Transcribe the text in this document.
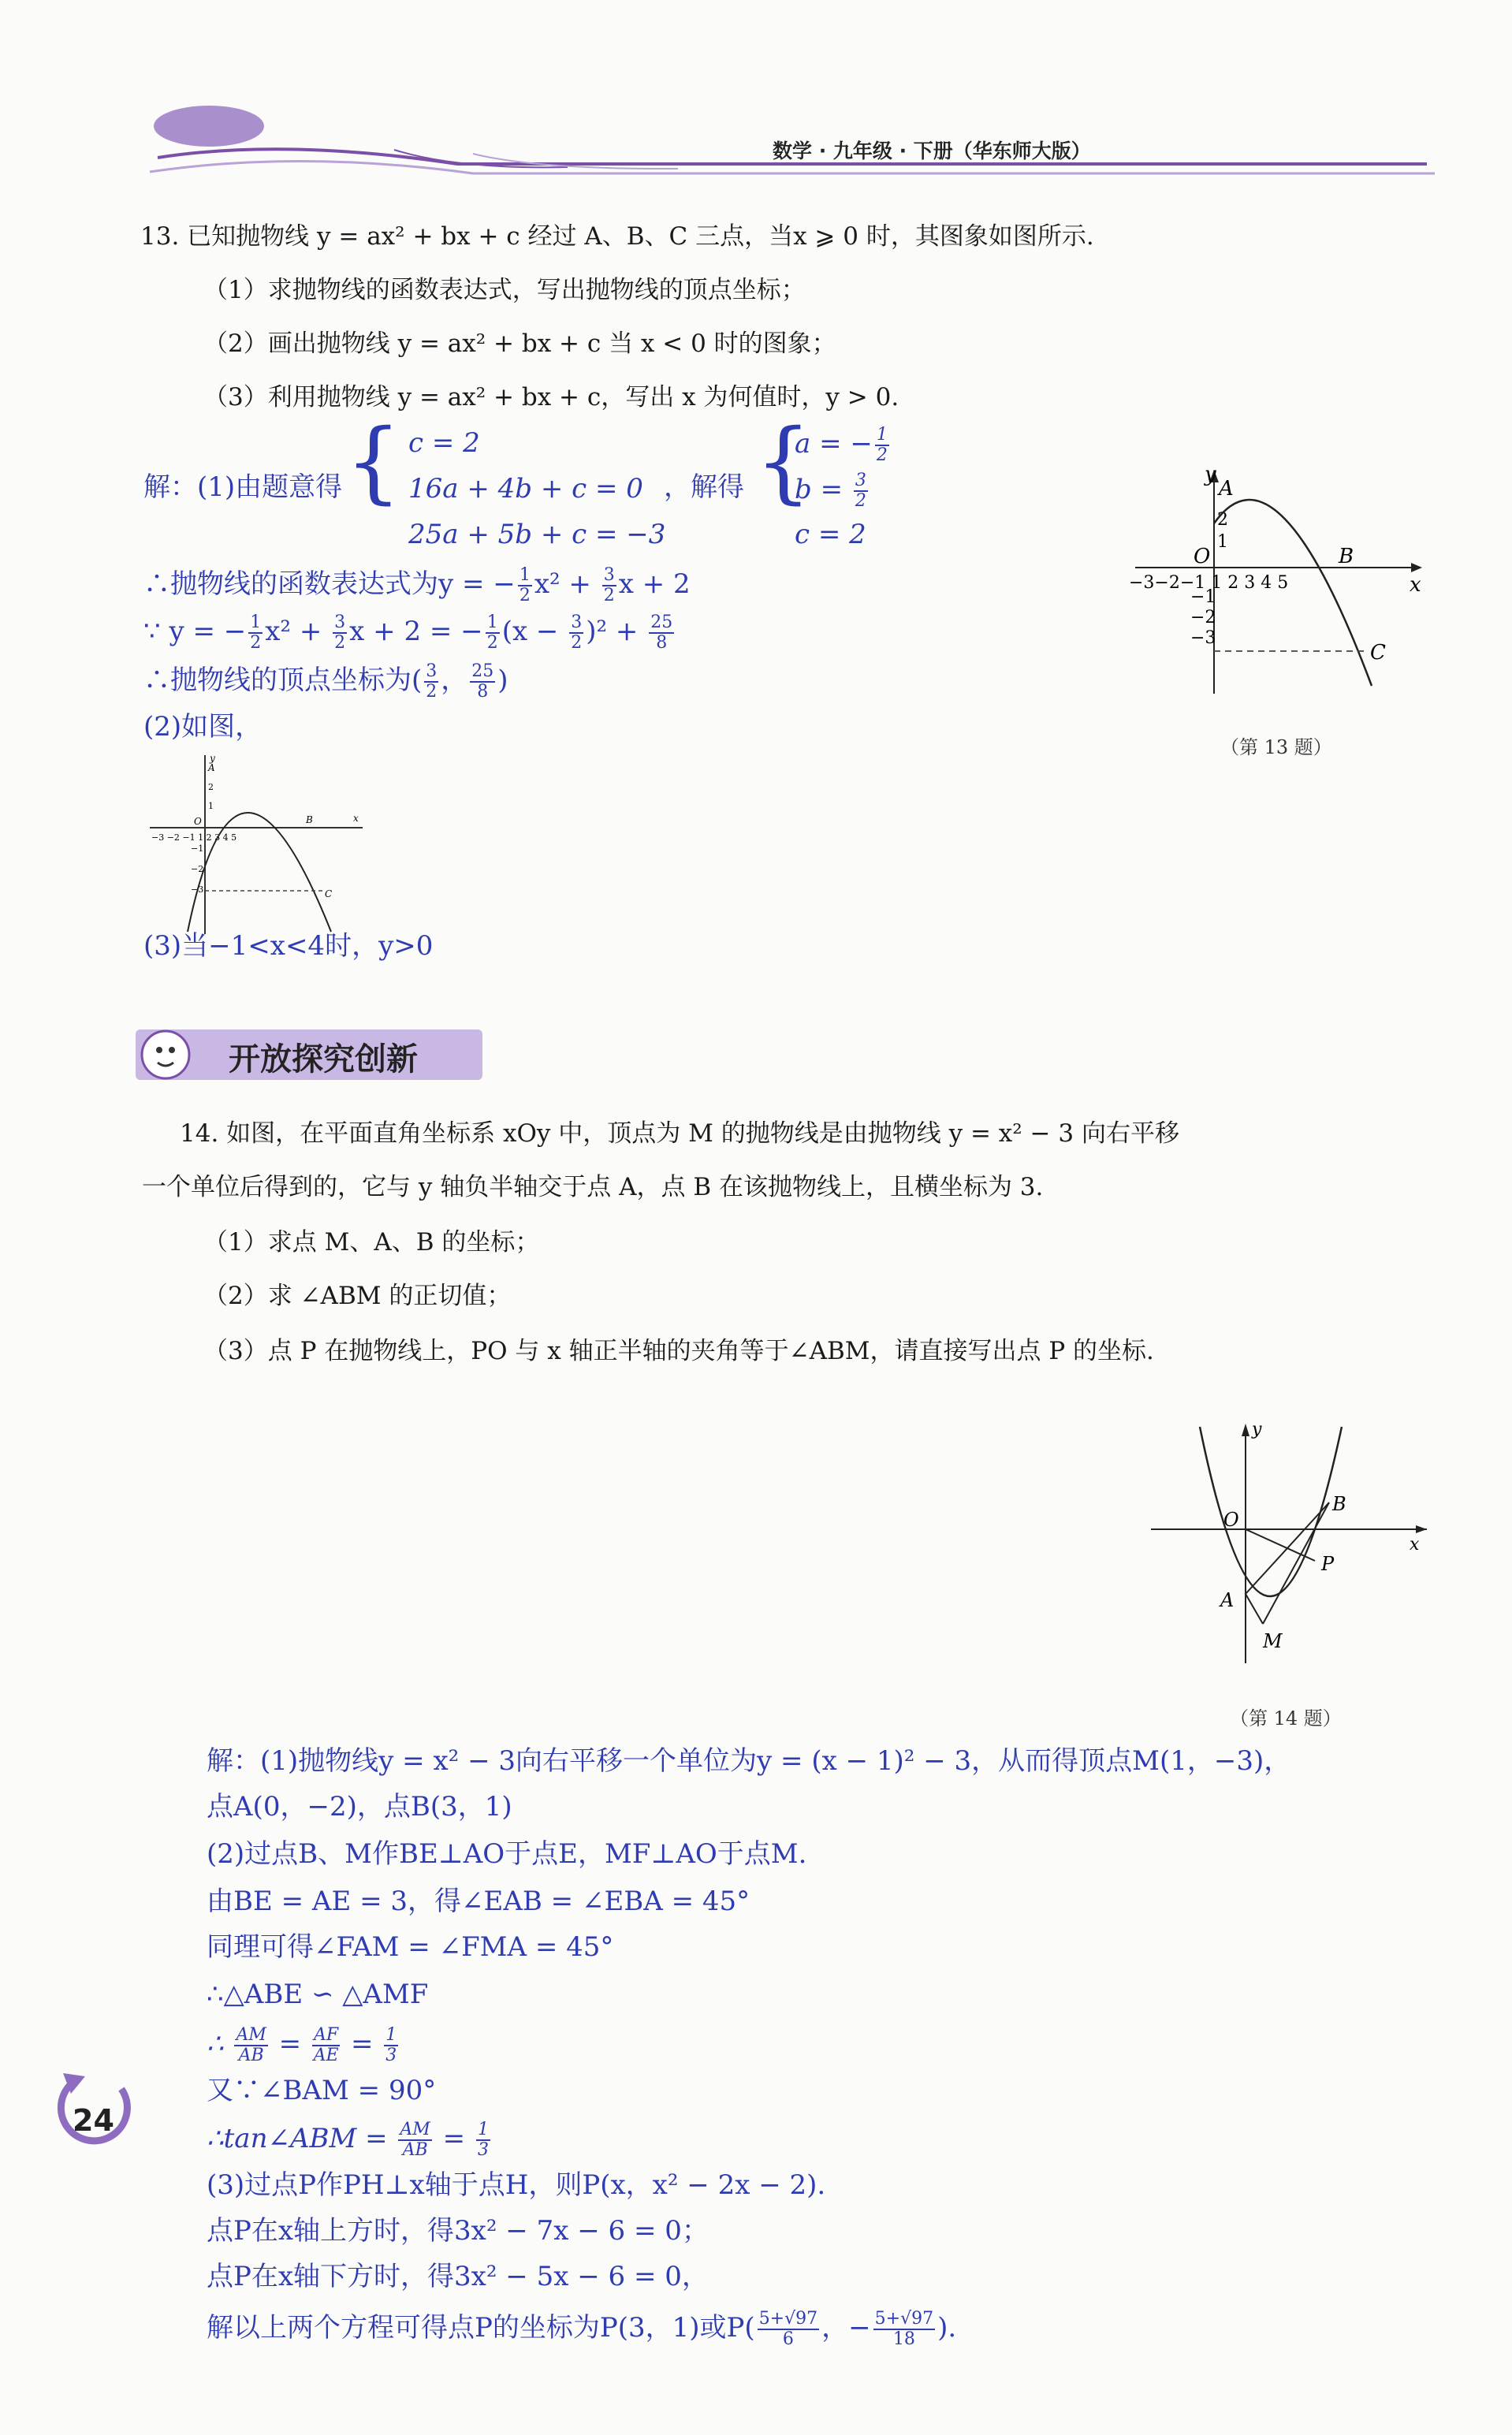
数学 · 九年级 · 下册（华东师大版）
13. 已知抛物线 y = ax² + bx + c 经过 A、B、C 三点，当x ⩾ 0 时，其图象如图所示.
（1）求抛物线的函数表达式，写出抛物线的顶点坐标；
（2）画出抛物线 y = ax² + bx + c 当 x < 0 时的图象；
（3）利用抛物线 y = ax² + bx + c，写出 x 为何值时，y > 0.
解：(1)由题意得 { c = 2
16a + 4b + c = 0
25a + 5b + c = −3
，解得 {
a = − $\frac{1}{2}$
$b = \frac{3}{2}$
c = 2
∴抛物线的函数表达式为y = − $\frac{1}{2} x^2 + \frac{3}{2}$ x + 2
∵ y = − $\frac{1}{2} x^2 + \frac{3}{2}$ x + 2 = − $\frac{1}{2} (x - \frac{3}{2} )^2 + \frac{25}{8}$
∴抛物线的顶点坐标为( $\frac{3}{2}$ ， $\frac{25}{8}$ )
(2)如图，
y
x
A
B
C
O
−3 −2 −1 1 2 3 4 5
2
1
−1
−2
−3
(3)当−1<x<4时，y>0
y
x
A
B
C
O
−3−2−1 1 2 3 4 5
2
1
−1
−2
−3
（第 13 题）
开放探究创新
14. 如图，在平面直角坐标系 xOy 中，顶点为 M 的抛物线是由抛物线 y = x² − 3 向右平移
一个单位后得到的，它与 y 轴负半轴交于点 A，点 B 在该抛物线上，且横坐标为 3.
（1）求点 M、A、B 的坐标；
（2）求 ∠ABM 的正切值；
（3）点 P 在抛物线上，PO 与 x 轴正半轴的夹角等于∠ABM，请直接写出点 P 的坐标.
y
x
O
B
P
A
M
（第 14 题）
解：(1)抛物线y = x² − 3向右平移一个单位为y = (x − 1)² − 3，从而得顶点M(1，−3)，
点A(0，−2)，点B(3，1)
(2)过点B、M作BE⊥AO于点E，MF⊥AO于点M.
由BE = AE = 3，得∠EAB = ∠EBA = 45°
同理可得∠FAM = ∠FMA = 45°
∴△ABE ∽ △AMF
∴ $\frac{AM}{AB} = \frac{AF}{AE} = \frac{1}{3}$
又∵∠BAM = 90°
∴tan∠ABM = $\frac{AM}{AB} = \frac{1}{3}$
(3)过点P作PH⊥x轴于点H，则P(x，x² − 2x − 2).
点P在x轴上方时，得3x² − 7x − 6 = 0；
点P在x轴下方时，得3x² − 5x − 6 = 0，
解以上两个方程可得点P的坐标为P(3，1)或$P( \frac{5+√97}{6}$ ，− $\frac{5+√97}{18}$ ).
24
